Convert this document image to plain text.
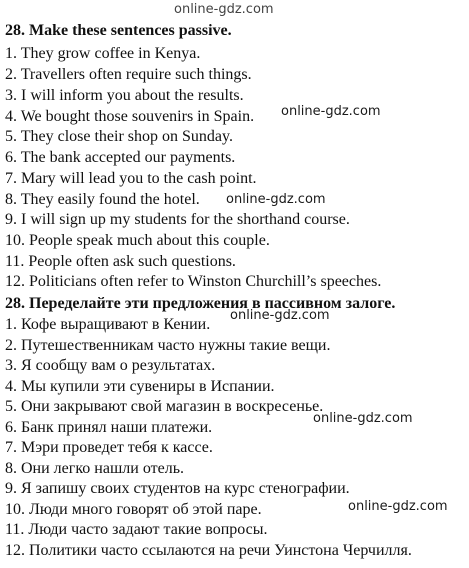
online-gdz.com
28. Make these sentences passive.
1. They grow coffee in Kenya.
2. Travellers often require such things.
3. I will inform you about the results.
4. We bought those souvenirs in Spain.
5. They close their shop on Sunday.
6. The bank accepted our payments.
7. Mary will lead you to the cash point.
8. They easily found the hotel.
9. I will sign up my students for the shorthand course.
10. People speak much about this couple.
11. People often ask such questions.
12. Politicians often refer to Winston Churchill’s speeches.
28. Переделайте эти предложения в пассивном залоге.
1. Кофе выращивают в Кении.
2. Путешественникам часто нужны такие вещи.
3. Я сообщу вам о результатах.
4. Мы купили эти сувениры в Испании.
5. Они закрывают свой магазин в воскресенье.
6. Банк принял наши платежи.
7. Мэри проведет тебя к кассе.
8. Они легко нашли отель.
9. Я запишу своих студентов на курс стенографии.
10. Люди много говорят об этой паре.
11. Люди часто задают такие вопросы.
12. Политики часто ссылаются на речи Уинстона Черчилля.
online-gdz.com
online-gdz.com
online-gdz.com
online-gdz.com
online-gdz.com
